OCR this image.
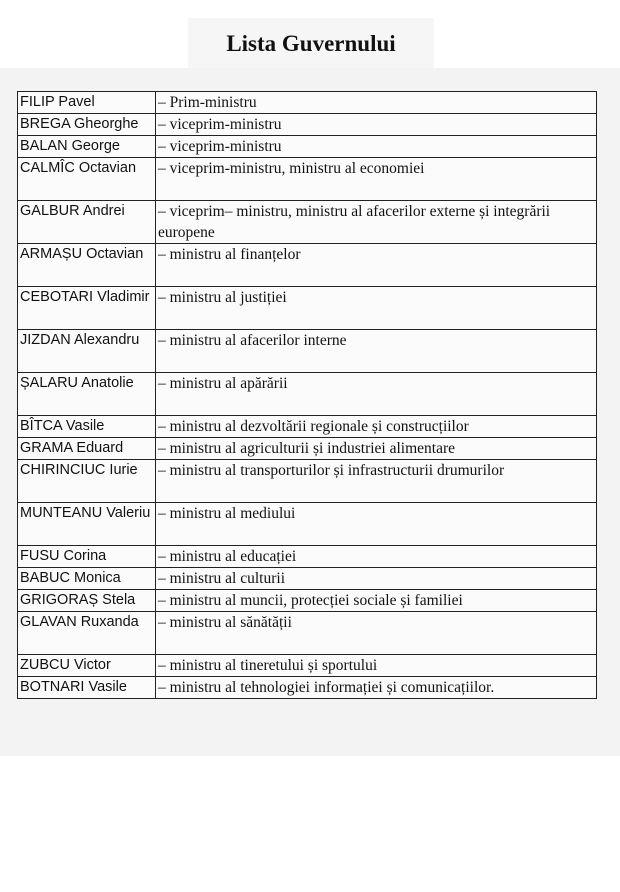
Lista Guvernului
FILIP Pavel	– Prim-ministru
BREGA Gheorghe	– viceprim-ministru
BALAN George	– viceprim-ministru
CALMÎC Octavian	– viceprim-ministru, ministru al economiei
GALBUR Andrei	– viceprim– ministru, ministru al afacerilor externe și integrării europene
ARMAȘU Octavian	– ministru al finanțelor
CEBOTARI Vladimir	– ministru al justiției
JIZDAN Alexandru	– ministru al afacerilor interne
ȘALARU Anatolie	– ministru al apărării
BÎTCA Vasile	– ministru al dezvoltării regionale și construcțiilor
GRAMA Eduard	– ministru al agriculturii și industriei alimentare
CHIRINCIUC Iurie	– ministru al transporturilor și infrastructurii drumurilor
MUNTEANU Valeriu	– ministru al mediului
FUSU Corina	– ministru al educației
BABUC Monica	– ministru al culturii
GRIGORAȘ Stela	– ministru al muncii, protecției sociale și familiei
GLAVAN Ruxanda	– ministru al sănătății
ZUBCU Victor	– ministru al tineretului și sportului
BOTNARI Vasile	– ministru al tehnologiei informației și comunicațiilor.
